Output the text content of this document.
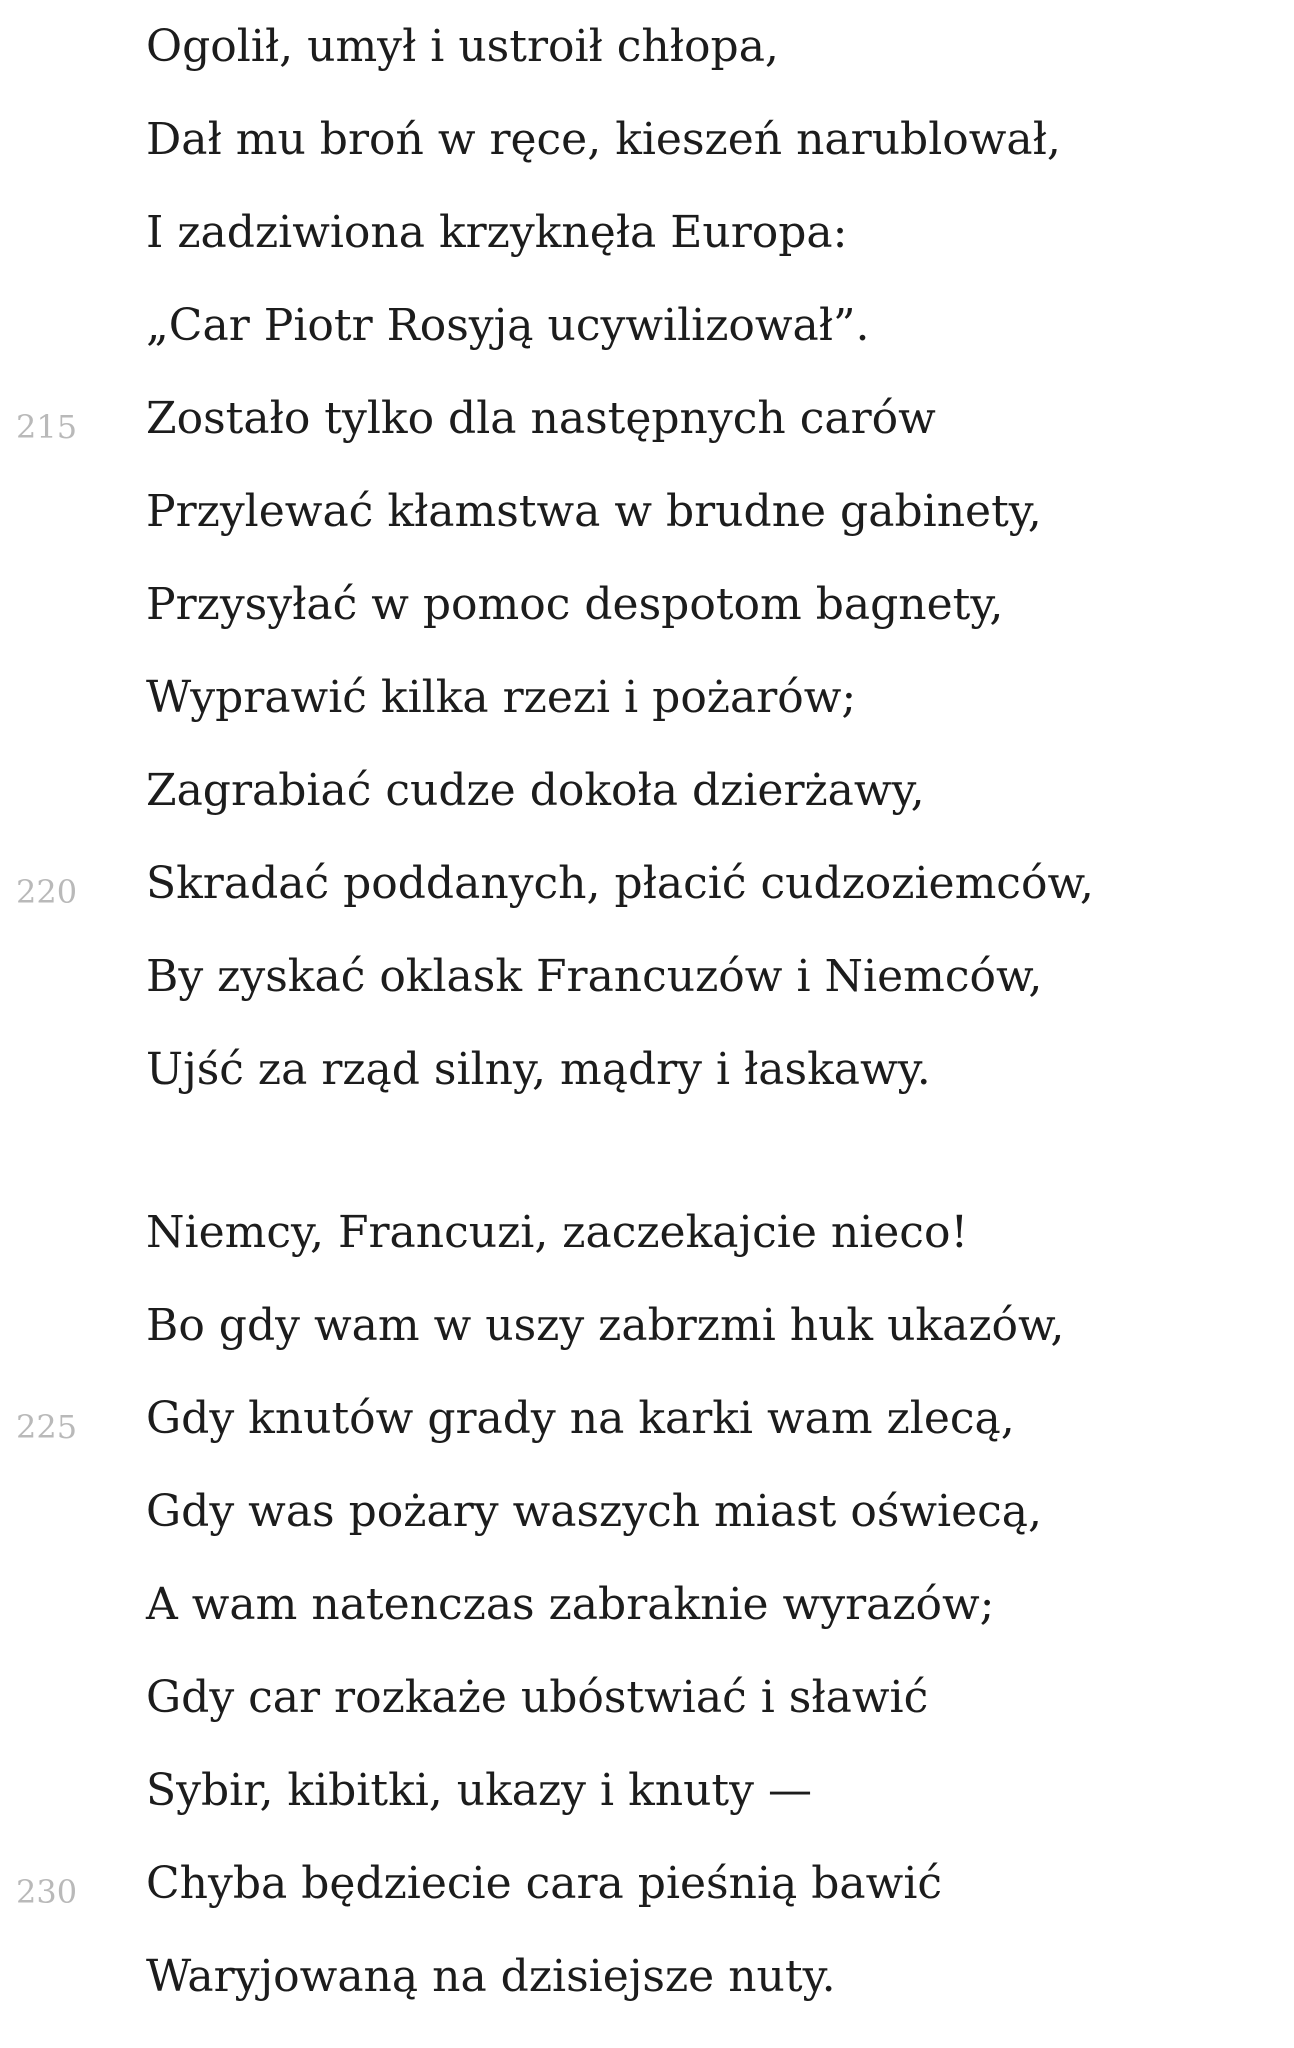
Ogolił, umył i ustroił chłopa,
Dał mu broń w ręce, kieszeń narublował,
I zadziwiona krzyknęła Europa:
„Car Piotr Rosyją ucywilizował”.
215 Zostało tylko dla następnych carów
Przylewać kłamstwa w brudne gabinety,
Przysyłać w pomoc despotom bagnety,
Wyprawić kilka rzezi i pożarów;
Zagrabiać cudze dokoła dzierżawy,
220 Skradać poddanych, płacić cudzoziemców,
By zyskać oklask Francuzów i Niemców,
Ujść za rząd silny, mądry i łaskawy.
Niemcy, Francuzi, zaczekajcie nieco!
Bo gdy wam w uszy zabrzmi huk ukazów,
225 Gdy knutów grady na karki wam zlecą,
Gdy was pożary waszych miast oświecą,
A wam natenczas zabraknie wyrazów;
Gdy car rozkaże ubóstwiać i sławić
Sybir, kibitki, ukazy i knuty —
230 Chyba będziecie cara pieśnią bawić
Waryjowaną na dzisiejsze nuty.
